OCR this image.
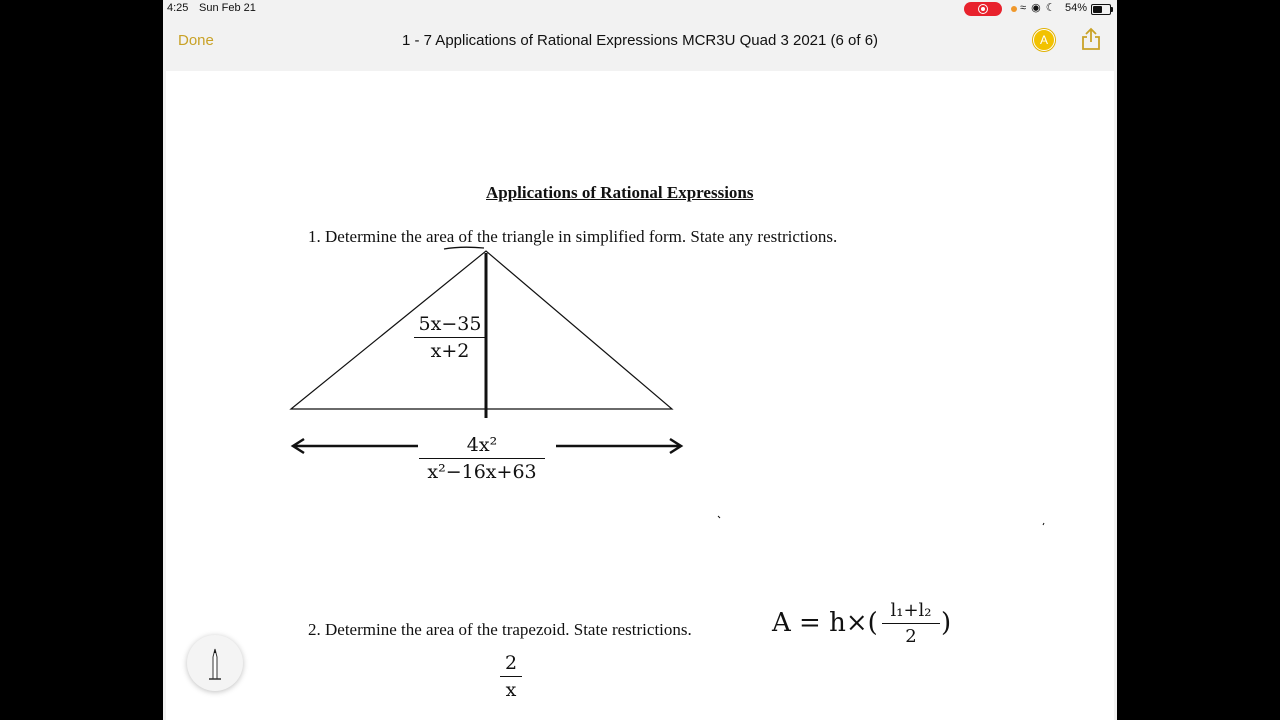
4:25 Sun Feb 21	≈ ◉ ☾ 54%
Done	1 - 7 Applications of Rational Expressions MCR3U Quad 3 2021 (6 of 6)	A
Applications of Rational Expressions
1. Determine the area of the triangle in simplified form. State any restrictions.
5x−35
x+2
4x²
x²−16x+63
2. Determine the area of the trapezoid. State restrictions.	A = h×( l₁+l₂
2 )
2
x
